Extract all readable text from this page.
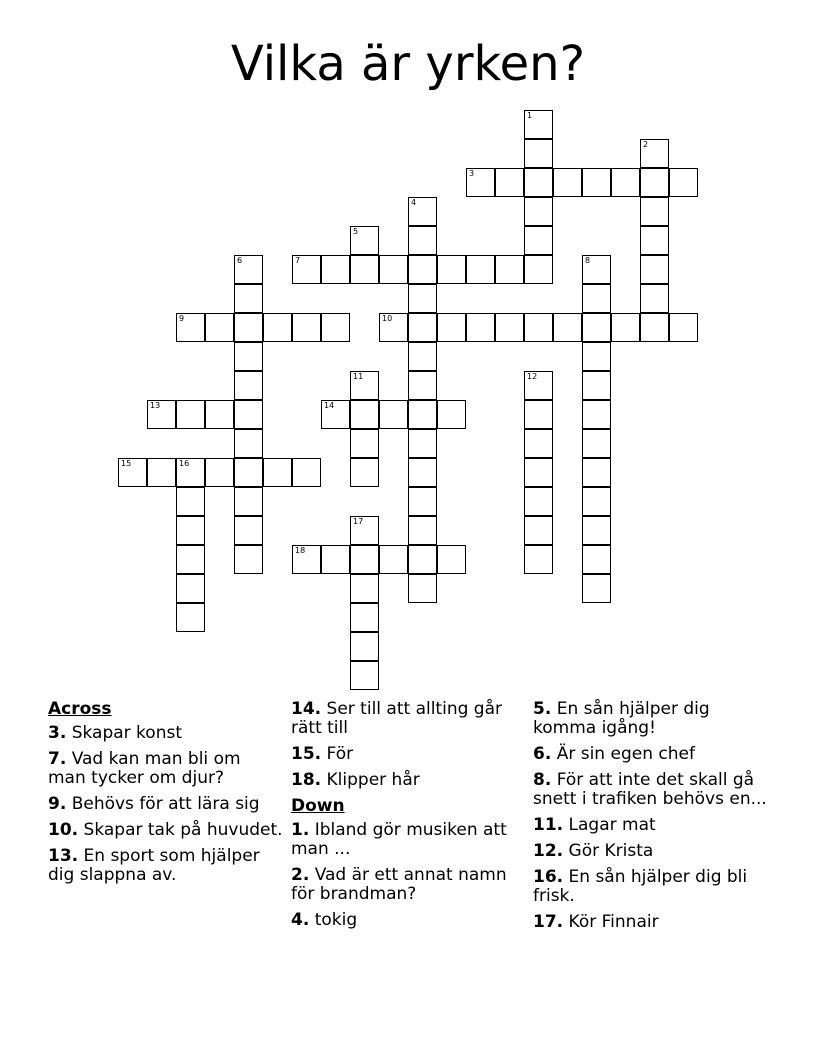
Vilka är yrken?
1
2
3
4
5
6	7	8
9	10
11	12
13	14
15	16
17
18
Across
3. Skapar konst
7. Vad kan man bli om man tycker om djur?
9. Behövs för att lära sig
10. Skapar tak på huvudet.
13. En sport som hjälper dig slappna av.
14. Ser till att allting går rätt till
15. För
18. Klipper hår
Down
1. Ibland gör musiken att man ...
2. Vad är ett annat namn för brandman?
4. tokig
5. En sån hjälper dig komma igång!
6. Är sin egen chef
8. För att inte det skall gå snett i trafiken behövs en...
11. Lagar mat
12. Gör Krista
16. En sån hjälper dig bli frisk.
17. Kör Finnair
